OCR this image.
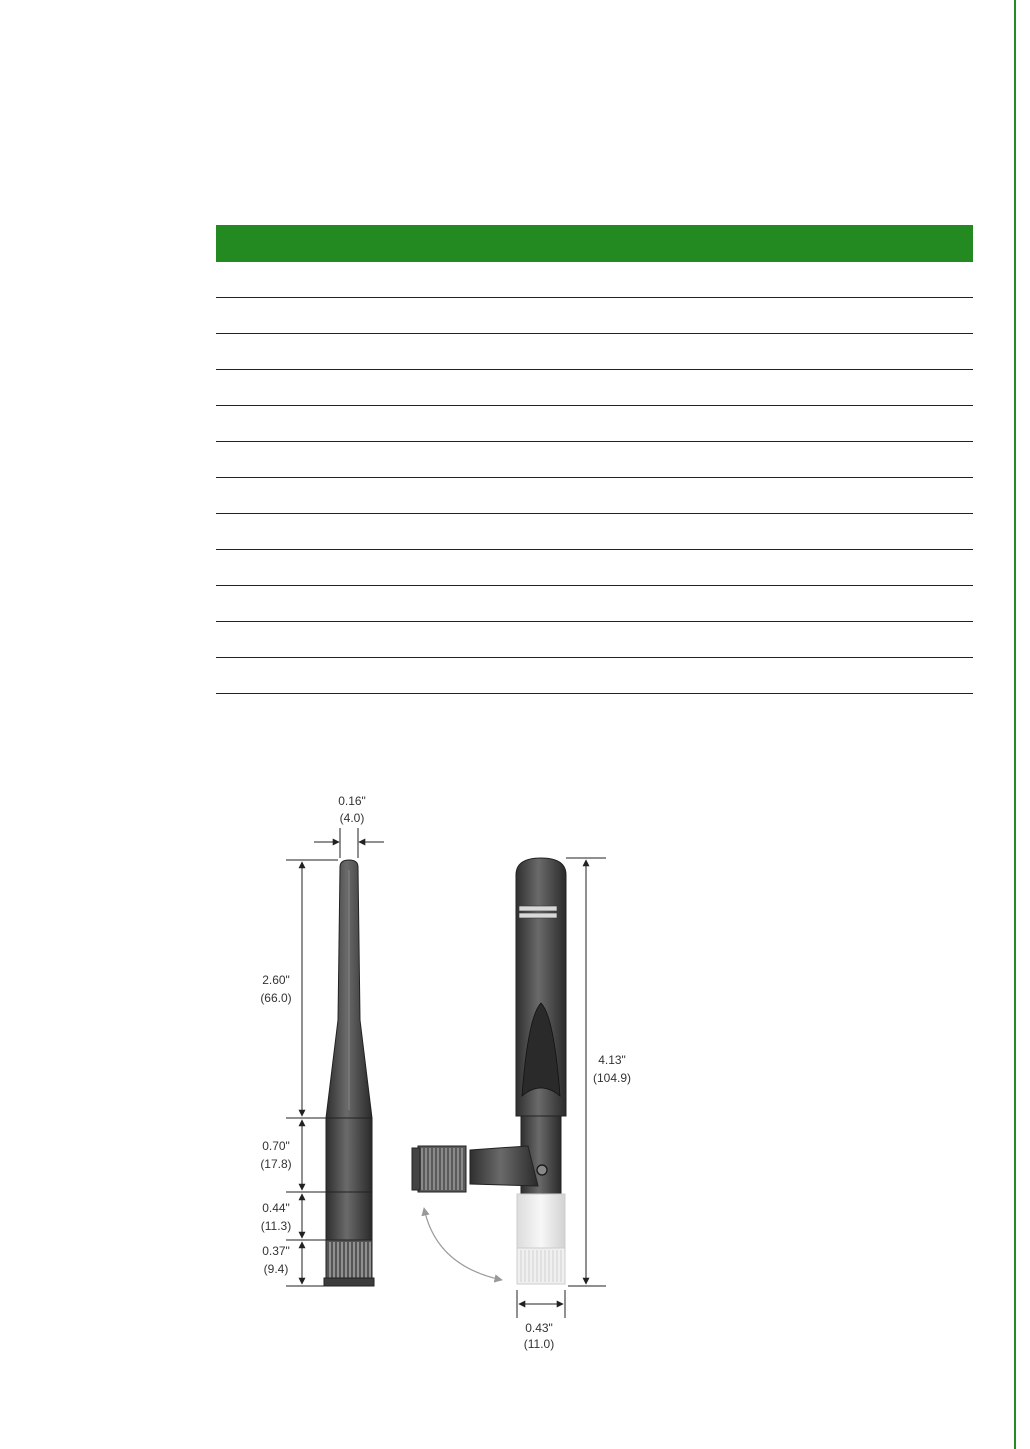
0.16"
(4.0)
2.60"
(66.0)
0.70"
(17.8)
0.44"
(11.3)
0.37"
(9.4)
4.13"
(104.9)
0.43"
(11.0)
